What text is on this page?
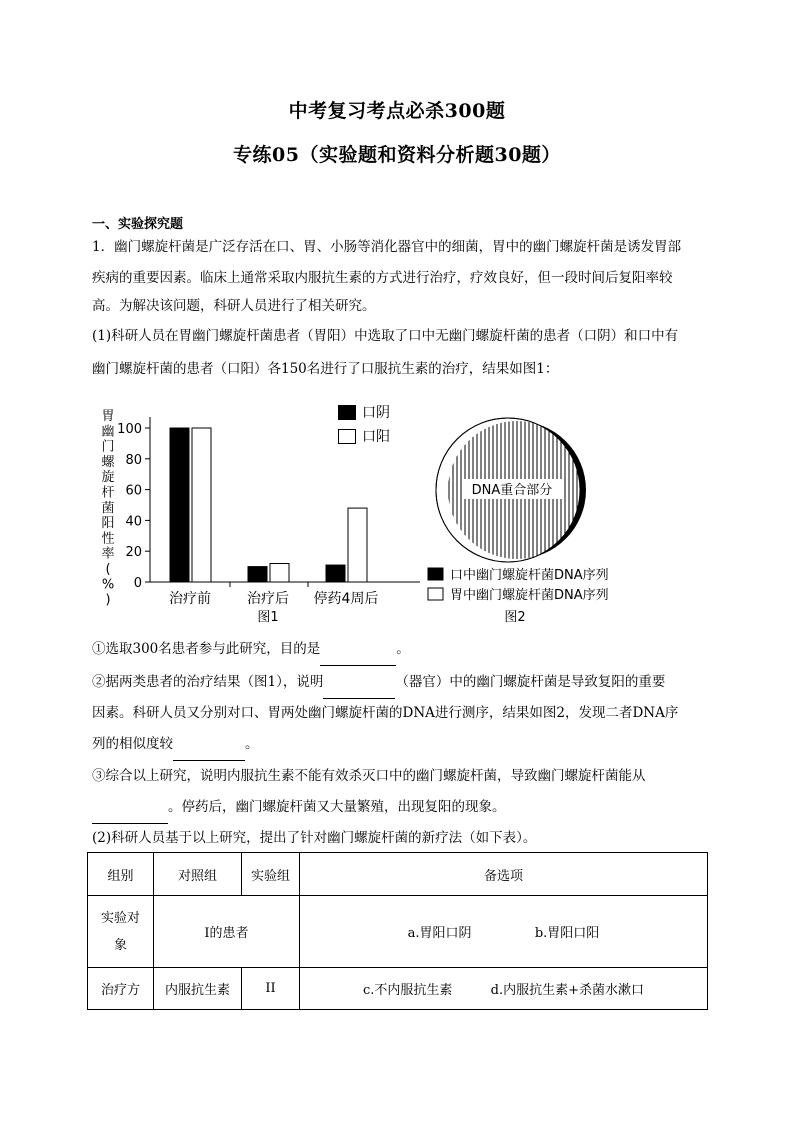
中考复习考点必杀300题
专练05（实验题和资料分析题30题）
一、实验探究题
1．幽门螺旋杆菌是广泛存活在口、胃、小肠等消化器官中的细菌，胃中的幽门螺旋杆菌是诱发胃部
疾病的重要因素。临床上通常采取内服抗生素的方式进行治疗，疗效良好，但一段时间后复阳率较
高。为解决该问题，科研人员进行了相关研究。
(1)科研人员在胃幽门螺旋杆菌患者（胃阳）中选取了口中无幽门螺旋杆菌的患者（口阴）和口中有
幽门螺旋杆菌的患者（口阳）各150名进行了口服抗生素的治疗，结果如图1：
0
20
40
60
80
100
治疗前	治疗后 停药4周后
胃幽门螺旋杆菌阳性率( % )
图1
口阴
口阳
DNA重合部分
口中幽门螺旋杆菌DNA序列
胃中幽门螺旋杆菌DNA序列
图2
①选取300名患者参与此研究，目的是	。
②据两类患者的治疗结果（图1），说明	（器官）中的幽门螺旋杆菌是导致复阳的重要
因素。科研人员又分别对口、胃两处幽门螺旋杆菌的DNA进行测序，结果如图2，发现二者DNA序
列的相似度较	。
③综合以上研究，说明内服抗生素不能有效杀灭口中的幽门螺旋杆菌，导致幽门螺旋杆菌能从
。停药后，幽门螺旋杆菌又大量繁殖，出现复阳的现象。
(2)科研人员基于以上研究，提出了针对幽门螺旋杆菌的新疗法（如下表）。
组别	对照组	实验组	备选项

实验对
象	I的患者		a.胃阳口阴 b.胃阳口阳
治疗方	内服抗生素	II	c.不内服抗生素 d.内服抗生素+杀菌水漱口
